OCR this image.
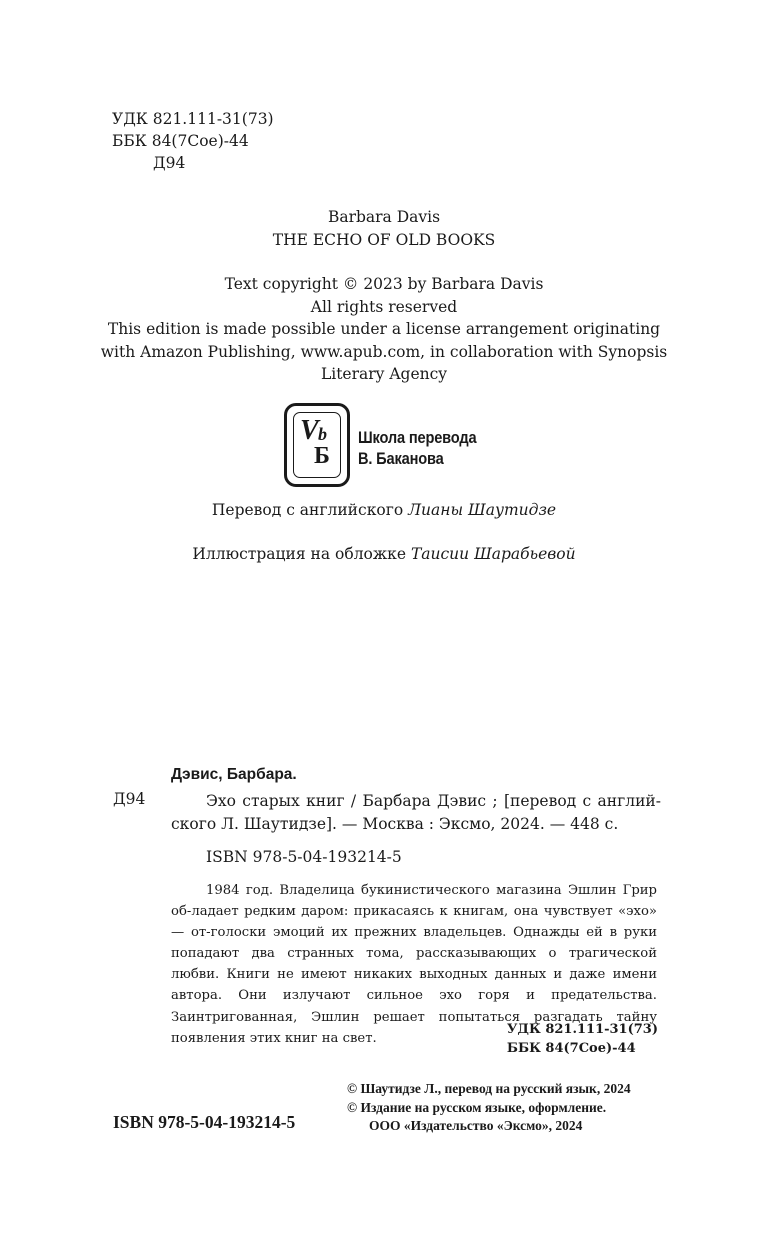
УДК 821.111-31(73)
ББК 84(7Сое)-44
Д94
Barbara Davis
THE ECHO OF OLD BOOKS
Text copyright © 2023 by Barbara Davis
All rights reserved
This edition is made possible under a license arrangement originating
with Amazon Publishing, www.apub.com, in collaboration with Synopsis
Literary Agency
V b
Б
Школа перевода
В. Баканова
Перевод с английского Лианы Шаутидзе
Иллюстрация на обложке Таисии Шарабьевой
Дэвис, Барбара.
Д94	Эхо старых книг / Барбара Дэвис ; [перевод с англий-ского Л. Шаутидзе]. — Москва : Эксмо, 2024. — 448 с.
ISBN 978-5-04-193214-5
1984 год. Владелица букинистического магазина Эшлин Грир об-ладает редким даром: прикасаясь к книгам, она чувствует «эхо» — от-голоски эмоций их прежних владельцев. Однажды ей в руки попадают два странных тома, рассказывающих о трагической любви. Книги не имеют никаких выходных данных и даже имени автора. Они излучают сильное эхо горя и предательства. Заинтригованная, Эшлин решает попытаться разгадать тайну появления этих книг на свет.
УДК 821.111-31(73)
ББК 84(7Сое)-44
© Шаутидзе Л., перевод на русский язык, 2024
© Издание на русском языке, оформление.
ООО «Издательство «Эксмо», 2024
ISBN 978-5-04-193214-5
